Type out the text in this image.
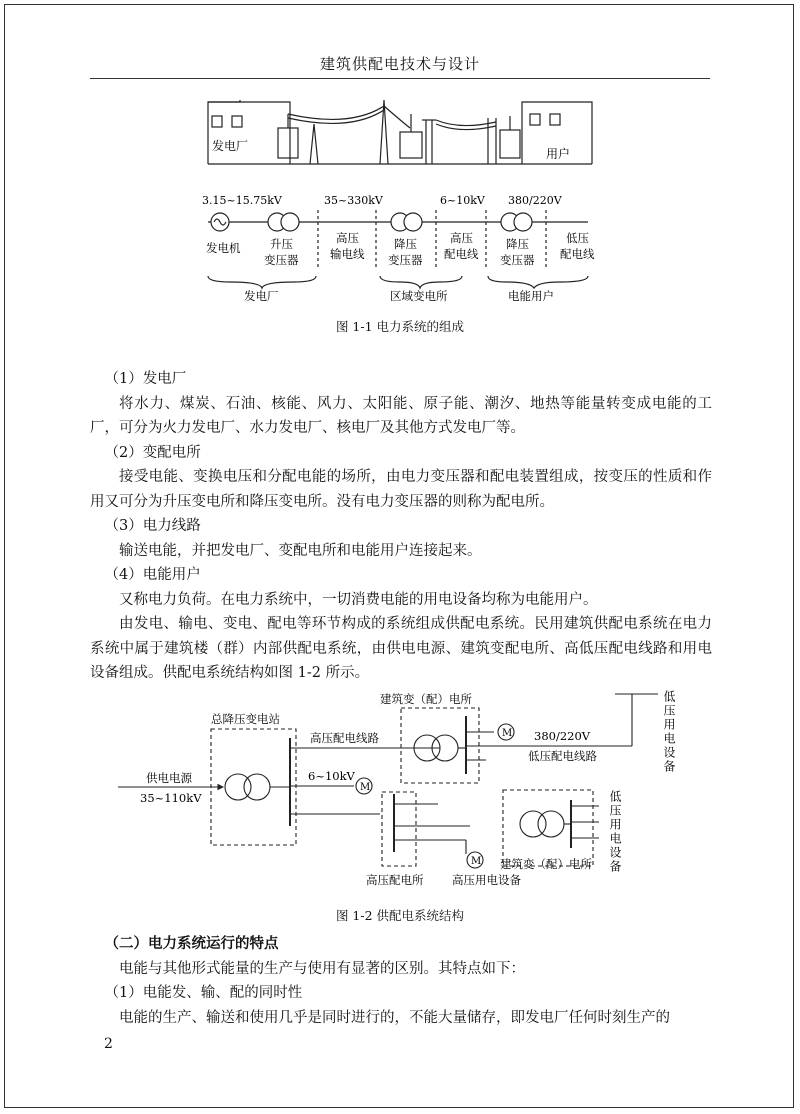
建筑供配电技术与设计
发电厂
用户
3.15~15.75kV	35~330kV	6~10kV 380/220V
发电机	升压
变压器
高压
输电线
降压
变压器
高压
配电线
降压
变压器
低压
配电线
发电厂	区域变电所	电能用户
图 1-1 电力系统的组成

（1）发电厂

将水力、煤炭、石油、核能、风力、太阳能、原子能、潮汐、地热等能量转变成电能的工厂，可分为火力发电厂、水力发电厂、核电厂及其他方式发电厂等。

（2）变配电所

接受电能、变换电压和分配电能的场所，由电力变压器和配电装置组成，按变压的性质和作用又可分为升压变电所和降压变电所。没有电力变压器的则称为配电所。

（3）电力线路

输送电能，并把发电厂、变配电所和电能用户连接起来。

（4）电能用户

又称电力负荷。在电力系统中，一切消费电能的用电设备均称为电能用户。

由发电、输电、变电、配电等环节构成的系统组成供配电系统。民用建筑供配电系统在电力系统中属于建筑楼（群）内部供配电系统，由供电电源、建筑变配电所、高低压配电线路和用电设备组成。供配电系统结构如图 1-2 所示。

建筑变（配）电所
总降压变电站
高压配电线路	380/220V
低压配电线路
供电电源
35~110kV
6~10kV
M
M
M
高压配电所 高压用电设备
建筑变（配）电所
低压用电设备
低压用电设备
图 1-2 供配电系统结构

（二）电力系统运行的特点

电能与其他形式能量的生产与使用有显著的区别。其特点如下：

（1）电能发、输、配的同时性

电能的生产、输送和使用几乎是同时进行的，不能大量储存，即发电厂任何时刻生产的

2
